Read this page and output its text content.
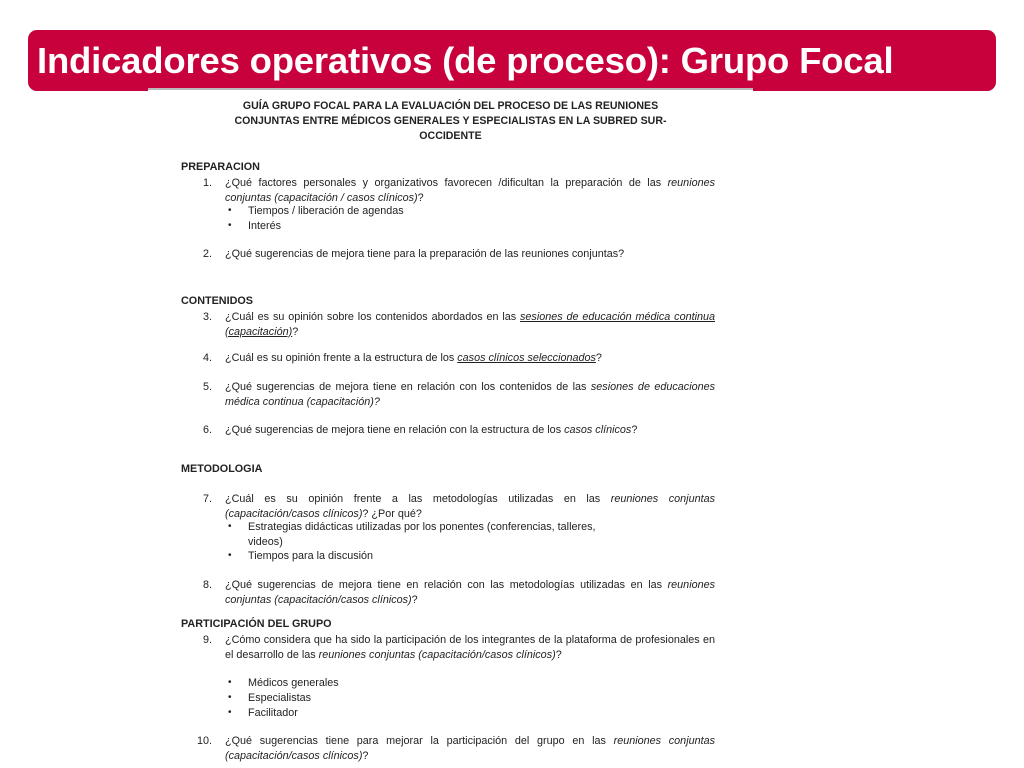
Indicadores operativos (de proceso): Grupo Focal
GUÍA GRUPO FOCAL PARA LA EVALUACIÓN DEL PROCESO DE LAS REUNIONES
CONJUNTAS ENTRE MÉDICOS GENERALES Y ESPECIALISTAS EN LA SUBRED SUR-
OCCIDENTE
PREPARACION
1. ¿Qué factores personales y organizativos favorecen /dificultan la preparación de las reuniones conjuntas (capacitación / casos clínicos)?
• Tiempos / liberación de agendas
• Interés
2. ¿Qué sugerencias de mejora tiene para la preparación de las reuniones conjuntas?
CONTENIDOS
3. ¿Cuál es su opinión sobre los contenidos abordados en las sesiones de educación médica continua (capacitación)?
4. ¿Cuál es su opinión frente a la estructura de los casos clínicos seleccionados?
5. ¿Qué sugerencias de mejora tiene en relación con los contenidos de las sesiones de educaciones médica continua (capacitación)?
6. ¿Qué sugerencias de mejora tiene en relación con la estructura de los casos clínicos?
METODOLOGIA
7. ¿Cuál es su opinión frente a las metodologías utilizadas en las reuniones conjuntas (capacitación/casos clínicos)? ¿Por qué?
• Estrategias didácticas utilizadas por los ponentes (conferencias, talleres,
videos)
• Tiempos para la discusión
8. ¿Qué sugerencias de mejora tiene en relación con las metodologías utilizadas en las reuniones conjuntas (capacitación/casos clínicos)?
PARTICIPACIÓN DEL GRUPO
9. ¿Cómo considera que ha sido la participación de los integrantes de la plataforma de profesionales en el desarrollo de las reuniones conjuntas (capacitación/casos clínicos)?
• Médicos generales
• Especialistas
• Facilitador
10. ¿Qué sugerencias tiene para mejorar la participación del grupo en las reuniones conjuntas (capacitación/casos clínicos)?
